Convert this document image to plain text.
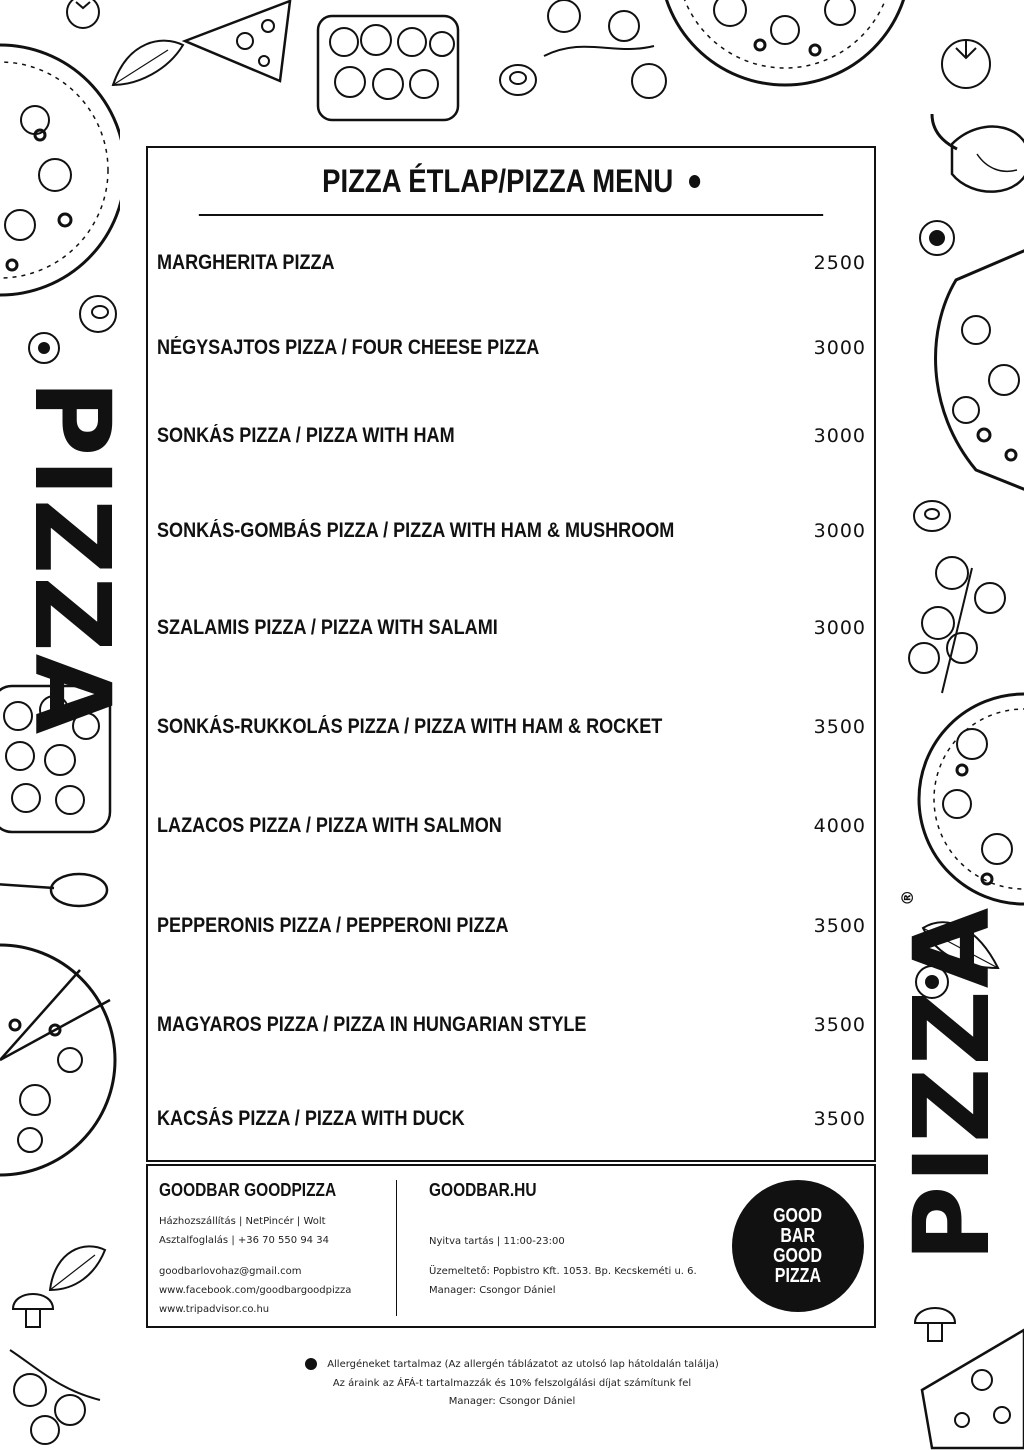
PIZZA
PIZZA®
PIZZA ÉTLAP/PIZZA MENU
MARGHERITA PIZZA	2500
NÉGYSAJTOS PIZZA / FOUR CHEESE PIZZA	3000
SONKÁS PIZZA / PIZZA WITH HAM	3000
SONKÁS-GOMBÁS PIZZA / PIZZA WITH HAM & MUSHROOM	3000
SZALAMIS PIZZA / PIZZA WITH SALAMI	3000
SONKÁS-RUKKOLÁS PIZZA / PIZZA WITH HAM & ROCKET	3500
LAZACOS PIZZA / PIZZA WITH SALMON	4000
PEPPERONIS PIZZA / PEPPERONI PIZZA	3500
MAGYAROS PIZZA / PIZZA IN HUNGARIAN STYLE	3500
KACSÁS PIZZA / PIZZA WITH DUCK	3500
GOODBAR GOODPIZZA
Házhozszállítás | NetPincér | Wolt
Asztalfoglalás | +36 70 550 94 34
goodbarlovohaz@gmail.com
www.facebook.com/goodbargoodpizza
www.tripadvisor.co.hu
GOODBAR.HU
Nyitva tartás | 11:00-23:00
Üzemeltető: Popbistro Kft. 1053. Bp. Kecskeméti u. 6.
Manager: Csongor Dániel
GOOD
BAR
GOOD
PIZZA
Allergéneket tartalmaz (Az allergén táblázatot az utolsó lap hátoldalán találja)
Az áraink az ÁFÁ-t tartalmazzák és 10% felszolgálási díjat számítunk fel
Manager: Csongor Dániel
